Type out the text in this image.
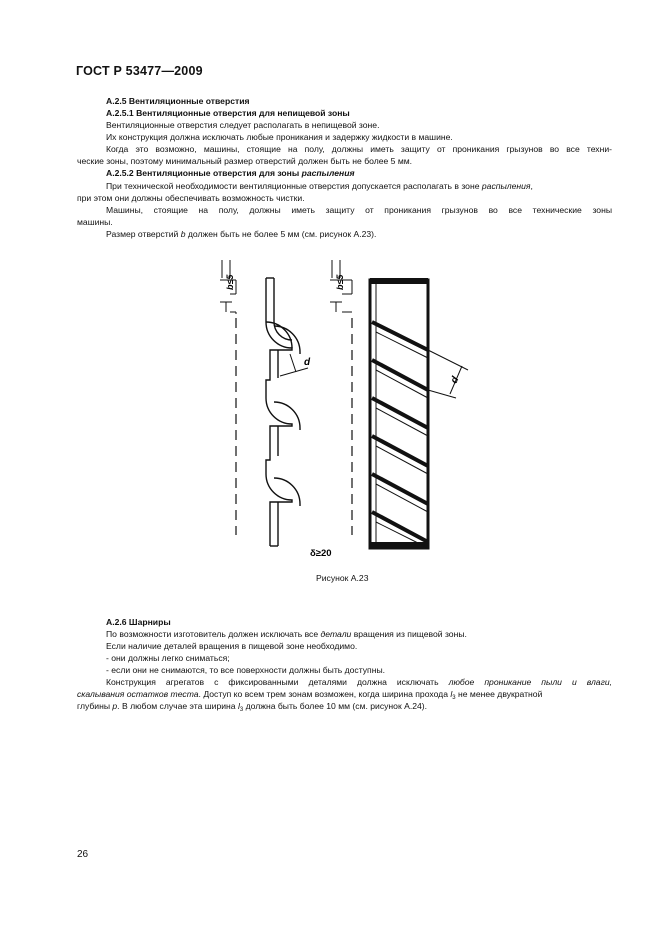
ГОСТ Р 53477—2009
А.2.5 Вентиляционные отверстия
А.2.5.1 Вентиляционные отверстия для непищевой зоны
Вентиляционные отверстия следует располагать в непищевой зоне.
Их конструкция должна исключать любые проникания и задержку жидкости в машине.
Когда это возможно, машины, стоящие на полу, должны иметь защиту от проникания грызунов во все техни-
ческие зоны, поэтому минимальный размер отверстий должен быть не более 5 мм.
А.2.5.2 Вентиляционные отверстия для зоны распыления
При технической необходимости вентиляционные отверстия допускается располагать в зоне распыления,
при этом они должны обеспечивать возможность чистки.
Машины, стоящие на полу, должны иметь защиту от проникания грызунов во все технические зоны
машины.
Размер отверстий b должен быть не более 5 мм (см. рисунок А.23).
b≤5
d
b≤5
d
δ≥20
Рисунок А.23
А.2.6 Шарниры
По возможности изготовитель должен исключать все детали вращения из пищевой зоны.
Если наличие деталей вращения в пищевой зоне необходимо.
- они должны легко сниматься;
- если они не снимаются, то все поверхности должны быть доступны.
Конструкция агрегатов с фиксированными деталями должна исключать любое проникание пыли и влаги,
скалывания остатков теста. Доступ ко всем трем зонам возможен, когда ширина прохода $l_3$ не менее двукратной
глубины p. В любом случае эта ширина $l_3$ должна быть более 10 мм (см. рисунок А.24).
26
